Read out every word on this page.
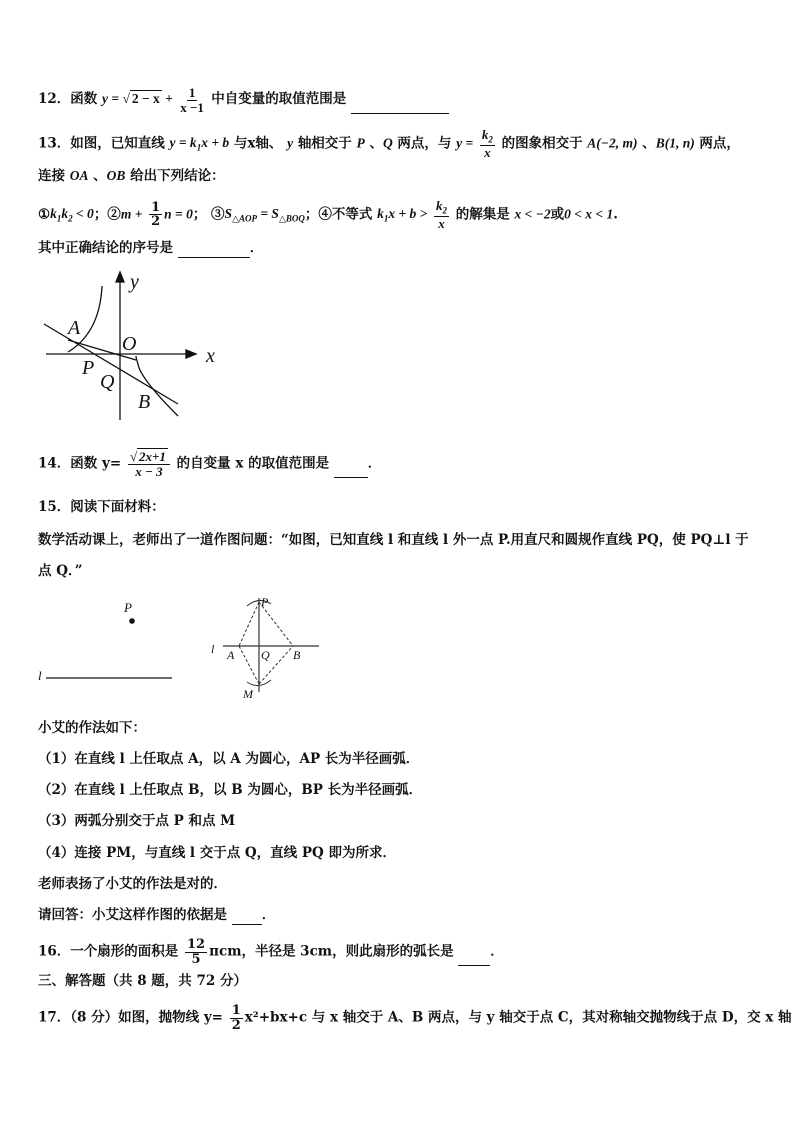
12．函数 y = √ $2 - x + \frac{1}{x -1}$ 中自变量的取值范围是
13．如图，已知直线 $y = k_1x + b$ 与x轴、 y 轴相交于 P 、Q 两点，与 $y = \frac{k_2}{x}$ 的图象相交于 A(−2, m) 、B(1, n) 两点，
连接 OA 、OB 给出下列结论：
$①k_1k_2 < 0$；②m + $\frac{1}{2}$ n = 0； $③S_{\triangle AOP} = S_{\triangle BOQ}$；④不等式 $k_1x + b > \frac{k_2}{x}$ 的解集是 x < −2或0 < x < 1.
其中正确结论的序号是	．
y
x
O
A
P
Q
B
14．函数 $y= \frac{√ 2x+1}{x - 3}$ 的自变量 x 的取值范围是	．
15．阅读下面材料：
数学活动课上，老师出了一道作图问题：“如图，已知直线 l 和直线 l 外一点 P.用直尺和圆规作直线 PQ，使 PQ⊥l 于
点 Q．”
P
l
P
l A Q B
M
小艾的作法如下：
（1）在直线 l 上任取点 A，以 A 为圆心，AP 长为半径画弧．
（2）在直线 l 上任取点 B，以 B 为圆心，BP 长为半径画弧．
（3）两弧分别交于点 P 和点 M
（4）连接 PM，与直线 l 交于点 Q，直线 PQ 即为所求．
老师表扬了小艾的作法是对的．
请回答：小艾这样作图的依据是	．
16．一个扇形的面积是 $\frac{12}{5}$ πcm，半径是 3cm，则此扇形的弧长是	．
三、解答题（共 8 题，共 72 分）
17．（8 分）如图，抛物线 $y= \frac{1}{2} x^2+bx+c$ 与 x 轴交于 A、B 两点，与 y 轴交于点 C，其对称轴交抛物线于点 D，交 x 轴
